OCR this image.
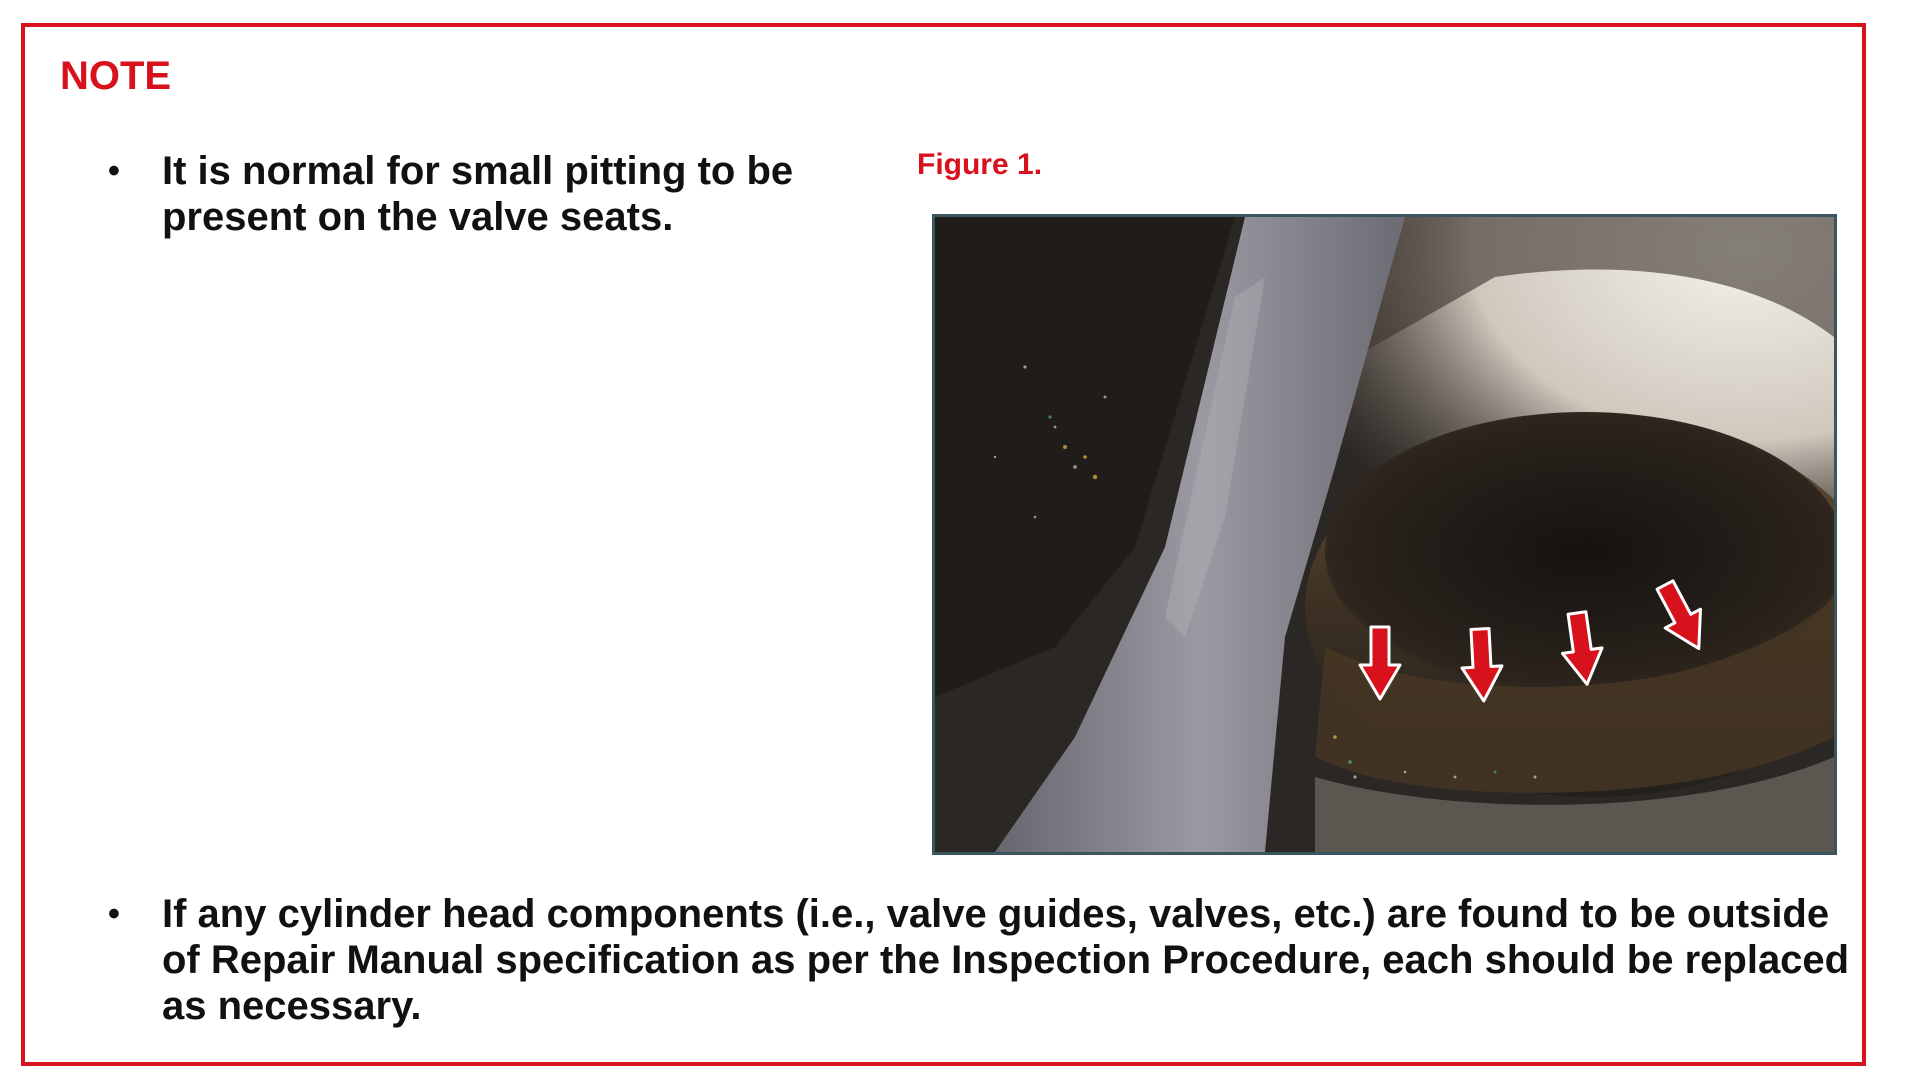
NOTE
•	It is normal for small pitting to be present on the valve seats.
Figure 1.
•	If any cylinder head components (i.e., valve guides, valves, etc.) are found to be outside of Repair Manual specification as per the Inspection Procedure, each should be replaced as necessary.
